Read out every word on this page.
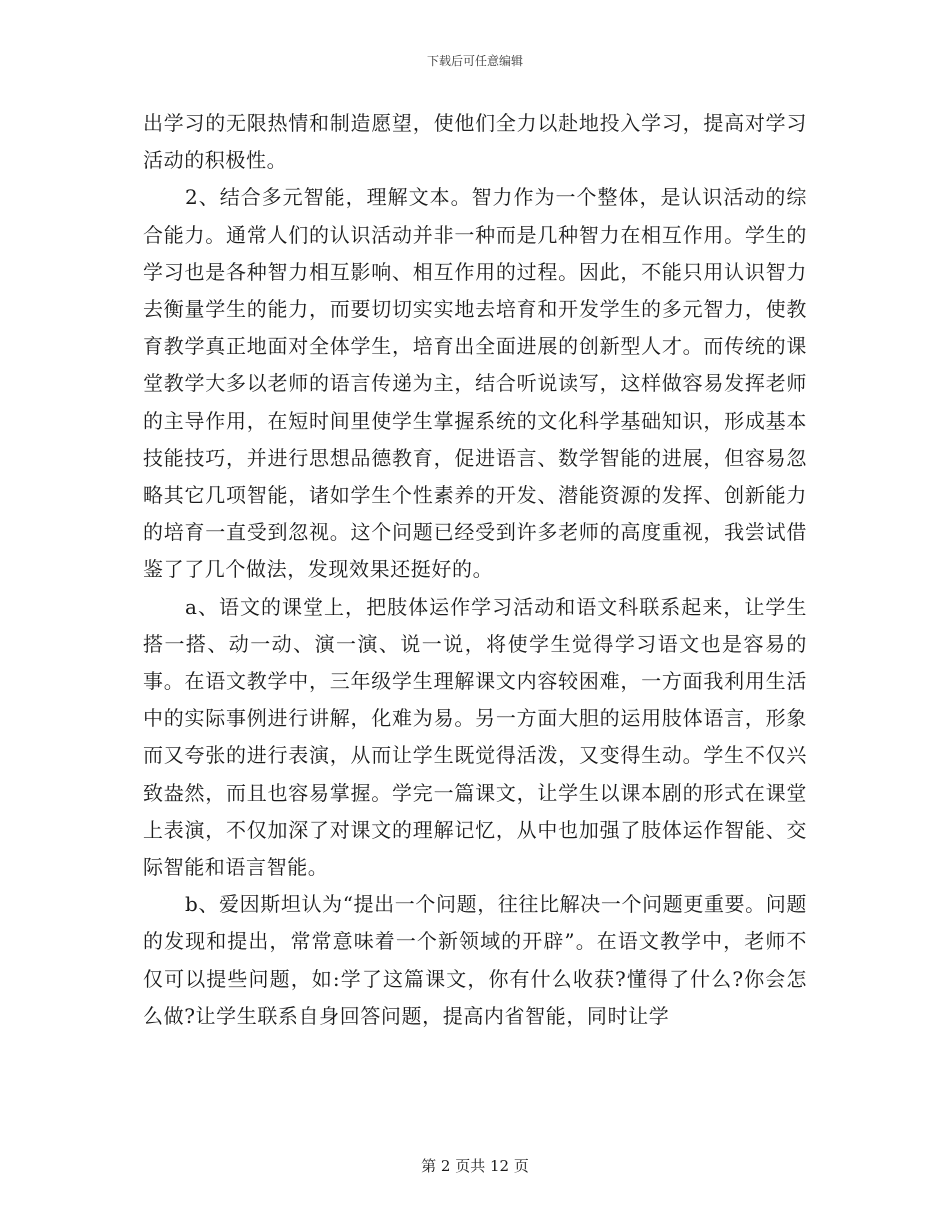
下载后可任意编辑

出学习的无限热情和制造愿望，使他们全力以赴地投入学习，提高对学习活动的积极性。

2、结合多元智能，理解文本。智力作为一个整体，是认识活动的综合能力。通常人们的认识活动并非一种而是几种智力在相互作用。学生的学习也是各种智力相互影响、相互作用的过程。因此，不能只用认识智力去衡量学生的能力，而要切切实实地去培育和开发学生的多元智力，使教育教学真正地面对全体学生，培育出全面进展的创新型人才。而传统的课堂教学大多以老师的语言传递为主，结合听说读写，这样做容易发挥老师的主导作用，在短时间里使学生掌握系统的文化科学基础知识，形成基本技能技巧，并进行思想品德教育，促进语言、数学智能的进展，但容易忽略其它几项智能，诸如学生个性素养的开发、潜能资源的发挥、创新能力的培育一直受到忽视。这个问题已经受到许多老师的高度重视，我尝试借鉴了了几个做法，发现效果还挺好的。

a、语文的课堂上，把肢体运作学习活动和语文科联系起来，让学生搭一搭、动一动、演一演、说一说，将使学生觉得学习语文也是容易的事。在语文教学中，三年级学生理解课文内容较困难，一方面我利用生活中的实际事例进行讲解，化难为易。另一方面大胆的运用肢体语言，形象而又夸张的进行表演，从而让学生既觉得活泼，又变得生动。学生不仅兴致盎然，而且也容易掌握。学完一篇课文，让学生以课本剧的形式在课堂上表演，不仅加深了对课文的理解记忆，从中也加强了肢体运作智能、交际智能和语言智能。

b、爱因斯坦认为“提出一个问题，往往比解决一个问题更重要。问题的发现和提出，常常意味着一个新领域的开辟”。在语文教学中，老师不仅可以提些问题，如:学了这篇课文，你有什么收获?懂得了什么?你会怎么做?让学生联系自身回答问题，提高内省智能，同时让学

第 2 页共 12 页
